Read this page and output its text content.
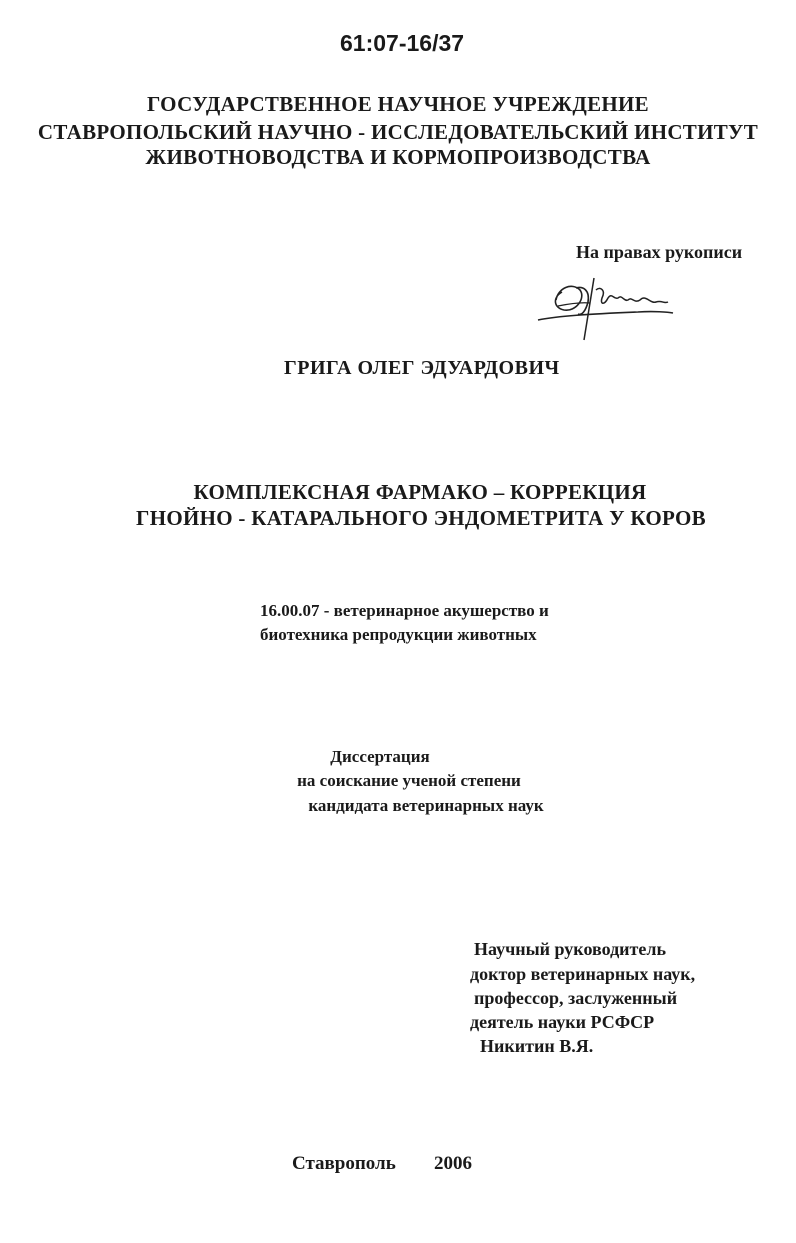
61:07-16/37
ГОСУДАРСТВЕННОЕ НАУЧНОЕ УЧРЕЖДЕНИЕ
СТАВРОПОЛЬСКИЙ НАУЧНО - ИССЛЕДОВАТЕЛЬСКИЙ ИНСТИТУТ
ЖИВОТНОВОДСТВА И КОРМОПРОИЗВОДСТВА
На правах рукописи
ГРИГА ОЛЕГ ЭДУАРДОВИЧ
КОМПЛЕКСНАЯ ФАРМАКО – КОРРЕКЦИЯ
ГНОЙНО - КАТАРАЛЬНОГО ЭНДОМЕТРИТА У КОРОВ
16.00.07 - ветеринарное акушерство и
биотехника репродукции животных
Диссертация
на соискание ученой степени
кандидата ветеринарных наук
Научный руководитель
доктор ветеринарных наук,
профессор, заслуженный
деятель науки РСФСР
Никитин В.Я.
Ставрополь 2006
